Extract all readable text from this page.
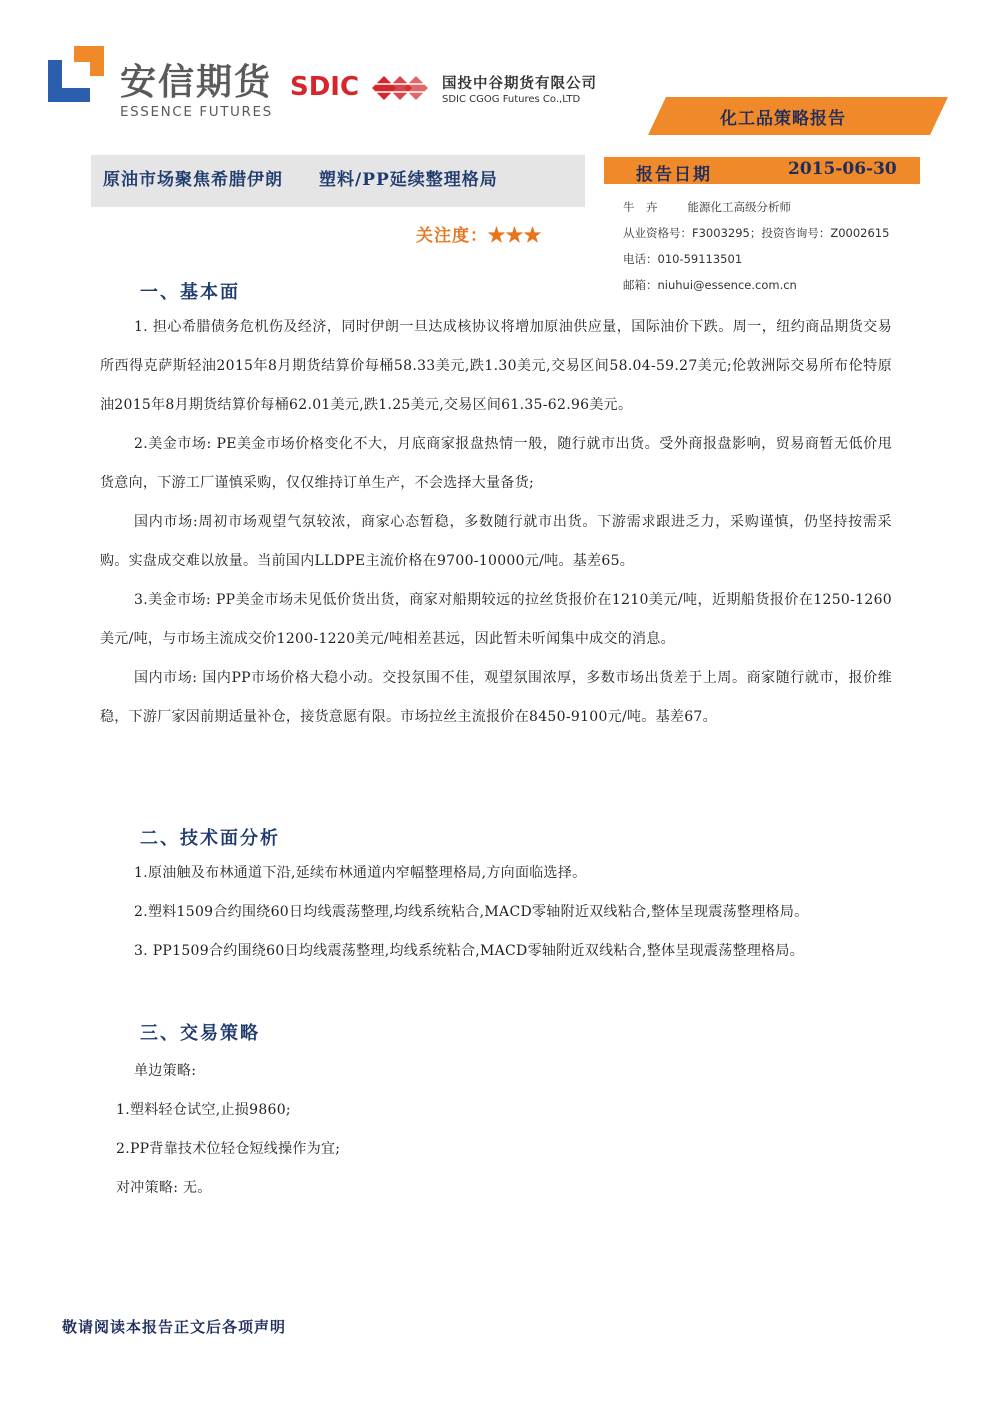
安信期货
ESSENCE FUTURES
SDIC	国投中谷期货有限公司
SDIC CGOG Futures Co.,LTD
化工品策略报告
原油市场聚焦希腊伊朗　　塑料/PP延续整理格局
关注度：★★★
报告日期	2015-06-30
牛　卉	能源化工高级分析师
从业资格号：F3003295；投资咨询号：Z0002615
电话：010-59113501
邮箱：niuhui@essence.com.cn
一、基本面

1. 担心希腊债务危机伤及经济，同时伊朗一旦达成核协议将增加原油供应量，国际油价下跌。周一，纽约商品期货交易所西得克萨斯轻油2015年8月期货结算价每桶58.33美元,跌1.30美元,交易区间58.04-59.27美元;伦敦洲际交易所布伦特原油2015年8月期货结算价每桶62.01美元,跌1.25美元,交易区间61.35-62.96美元。

2.美金市场: PE美金市场价格变化不大，月底商家报盘热情一般，随行就市出货。受外商报盘影响，贸易商暂无低价甩货意向，下游工厂谨慎采购，仅仅维持订单生产，不会选择大量备货;

国内市场:周初市场观望气氛较浓，商家心态暂稳，多数随行就市出货。下游需求跟进乏力，采购谨慎，仍坚持按需采购。实盘成交难以放量。当前国内LLDPE主流价格在9700-10000元/吨。基差65。

3.美金市场: PP美金市场未见低价货出货，商家对船期较远的拉丝货报价在1210美元/吨，近期船货报价在1250-1260美元/吨，与市场主流成交价1200-1220美元/吨相差甚远，因此暂未听闻集中成交的消息。

国内市场: 国内PP市场价格大稳小动。交投氛围不佳，观望氛围浓厚，多数市场出货差于上周。商家随行就市，报价维稳，下游厂家因前期适量补仓，接货意愿有限。市场拉丝主流报价在8450-9100元/吨。基差67。

二、技术面分析

1.原油触及布林通道下沿,延续布林通道内窄幅整理格局,方向面临选择。

2.塑料1509合约围绕60日均线震荡整理,均线系统粘合,MACD零轴附近双线粘合,整体呈现震荡整理格局。

3. PP1509合约围绕60日均线震荡整理,均线系统粘合,MACD零轴附近双线粘合,整体呈现震荡整理格局。

三、交易策略
单边策略:
1.塑料轻仓试空,止损9860;
2.PP背靠技术位轻仓短线操作为宜;
对冲策略: 无。
敬请阅读本报告正文后各项声明
